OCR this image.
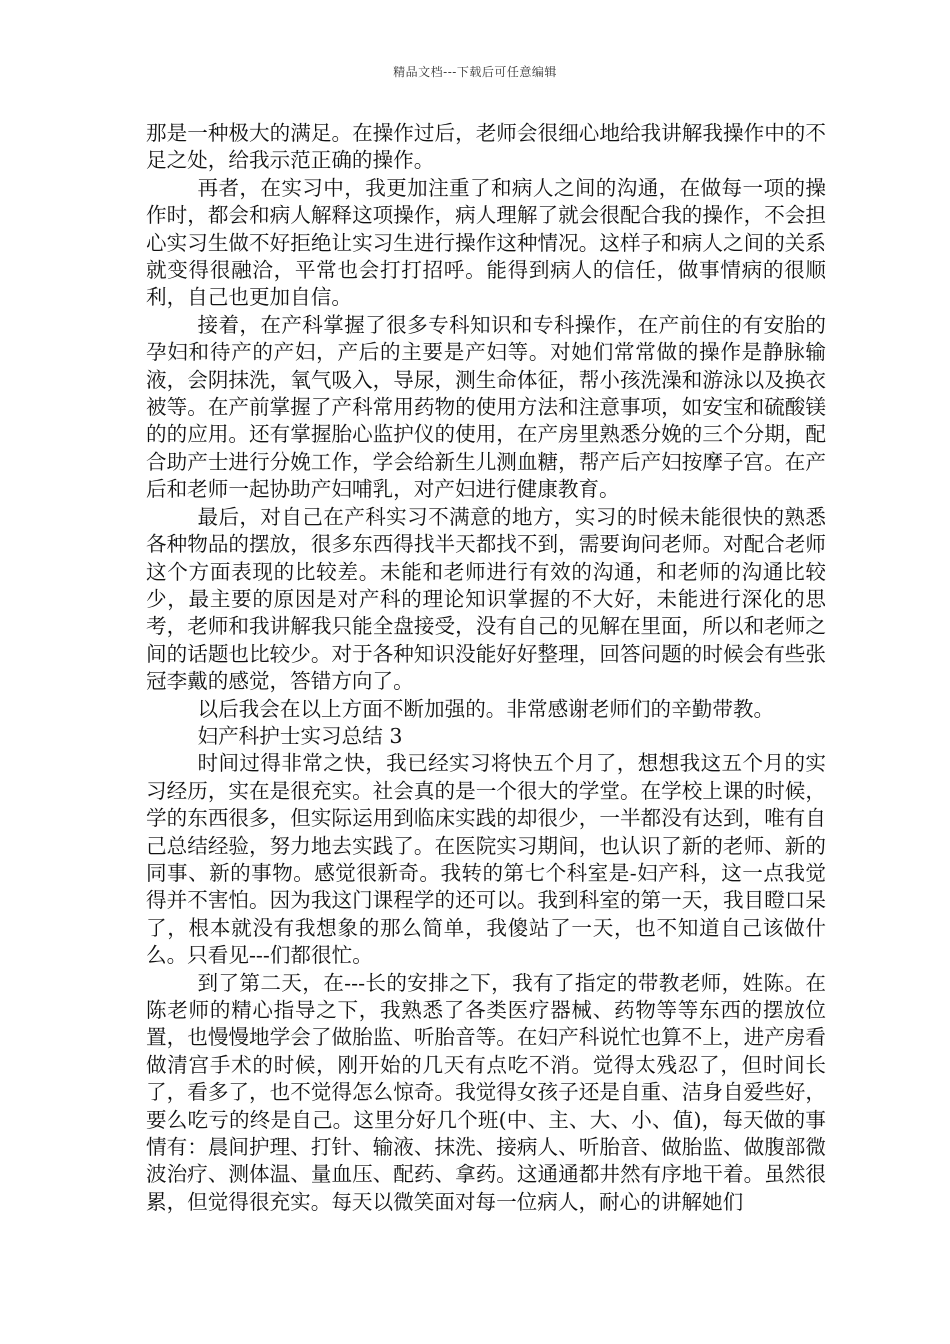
精品文档---下载后可任意编辑

那是一种极大的满足。在操作过后，老师会很细心地给我讲解我操作中的不足之处，给我示范正确的操作。

再者，在实习中，我更加注重了和病人之间的沟通，在做每一项的操作时，都会和病人解释这项操作，病人理解了就会很配合我的操作，不会担心实习生做不好拒绝让实习生进行操作这种情况。这样子和病人之间的关系就变得很融洽，平常也会打打招呼。能得到病人的信任，做事情病的很顺利，自己也更加自信。

接着，在产科掌握了很多专科知识和专科操作，在产前住的有安胎的孕妇和待产的产妇，产后的主要是产妇等。对她们常常做的操作是静脉输液，会阴抹洗，氧气吸入，导尿，测生命体征，帮小孩洗澡和游泳以及换衣被等。在产前掌握了产科常用药物的使用方法和注意事项，如安宝和硫酸镁的的应用。还有掌握胎心监护仪的使用，在产房里熟悉分娩的三个分期，配合助产士进行分娩工作，学会给新生儿测血糖，帮产后产妇按摩子宫。在产后和老师一起协助产妇哺乳，对产妇进行健康教育。

最后，对自己在产科实习不满意的地方，实习的时候未能很快的熟悉各种物品的摆放，很多东西得找半天都找不到，需要询问老师。对配合老师这个方面表现的比较差。未能和老师进行有效的沟通，和老师的沟通比较少，最主要的原因是对产科的理论知识掌握的不大好，未能进行深化的思考，老师和我讲解我只能全盘接受，没有自己的见解在里面，所以和老师之间的话题也比较少。对于各种知识没能好好整理，回答问题的时候会有些张冠李戴的感觉，答错方向了。

以后我会在以上方面不断加强的。非常感谢老师们的辛勤带教。

妇产科护士实习总结 3

时间过得非常之快，我已经实习将快五个月了，想想我这五个月的实习经历，实在是很充实。社会真的是一个很大的学堂。在学校上课的时候，学的东西很多，但实际运用到临床实践的却很少，一半都没有达到，唯有自己总结经验，努力地去实践了。在医院实习期间，也认识了新的老师、新的同事、新的事物。感觉很新奇。我转的第七个科室是-妇产科，这一点我觉得并不害怕。因为我这门课程学的还可以。我到科室的第一天，我目瞪口呆了，根本就没有我想象的那么简单，我傻站了一天，也不知道自己该做什么。只看见---们都很忙。

到了第二天，在---长的安排之下，我有了指定的带教老师，姓陈。在陈老师的精心指导之下，我熟悉了各类医疗器械、药物等等东西的摆放位置，也慢慢地学会了做胎监、听胎音等。在妇产科说忙也算不上，进产房看做清宫手术的时候，刚开始的几天有点吃不消。觉得太残忍了，但时间长了，看多了，也不觉得怎么惊奇。我觉得女孩子还是自重、洁身自爱些好，要么吃亏的终是自己。这里分好几个班(中、主、大、小、值)，每天做的事情有：晨间护理、打针、输液、抹洗、接病人、听胎音、做胎监、做腹部微波治疗、测体温、量血压、配药、拿药。这通通都井然有序地干着。虽然很累，但觉得很充实。每天以微笑面对每一位病人，耐心的讲解她们
